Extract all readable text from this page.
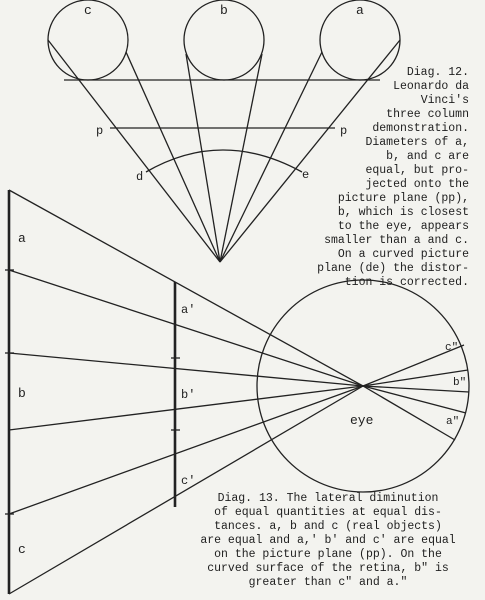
c	b	a
p	p
d	e
a
b
c
a'
b'
c'
c"
b"
a"
eye
Diag. 12.
Leonardo da
Vinci's
three column
demonstration.
Diameters of a,
b, and c are
equal, but pro-
jected onto the
picture plane (pp),
b, which is closest
to the eye, appears
smaller than a and c.
On a curved picture
plane (de) the distor-
tion is corrected.
Diag. 13. The lateral diminution
of equal quantities at equal dis-
tances. a, b and c (real objects)
are equal and a,' b' and c' are equal
on the picture plane (pp). On the
curved surface of the retina, b" is
greater than c" and a."
